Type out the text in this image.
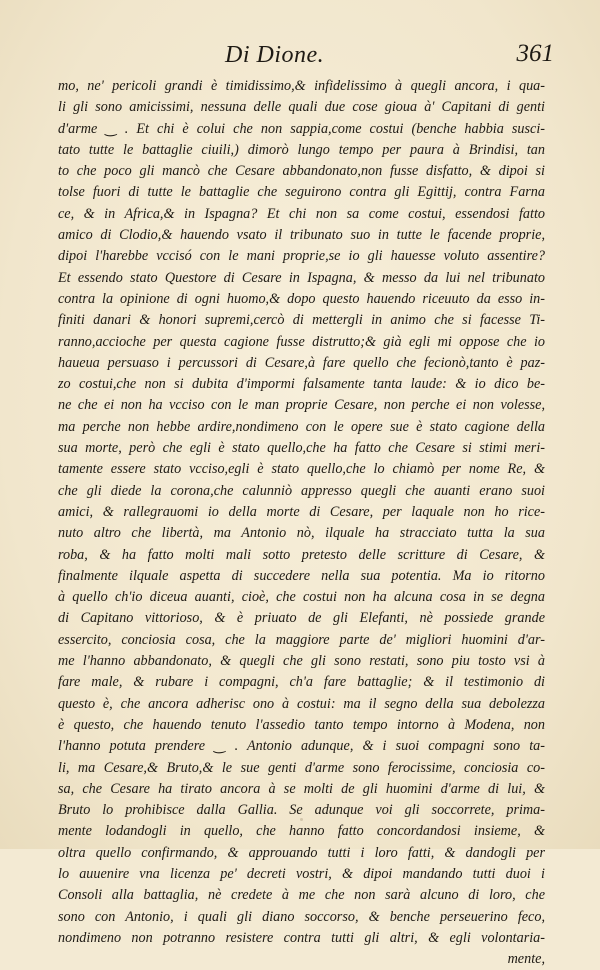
Di Dione.	361
mo, ne' pericoli grandi è timidissimo,& infidelissimo à quegli ancora, i qua-
li gli sono amicissimi, nessuna delle quali due cose gioua à' Capitani di genti
d'arme ‿ . Et chi è colui che non sappia,come costui (benche habbia susci-
tato tutte le battaglie ciuili,) dimorò lungo tempo per paura à Brindisi, tan
to che poco gli mancò che Cesare abbandonato,non fusse disfatto, & dipoi si
tolse fuori di tutte le battaglie che seguirono contra gli Egittij, contra Farna
ce, & in Africa,& in Ispagna? Et chi non sa come costui, essendosi fatto
amico di Clodio,& hauendo vsato il tribunato suo in tutte le facende proprie,
dipoi l'harebbe vccisó con le mani proprie,se io gli hauesse voluto assentire?
Et essendo stato Questore di Cesare in Ispagna, & messo da lui nel tribunato
contra la opinione di ogni huomo,& dopo questo hauendo riceuuto da esso in-
finiti danari & honori supremi,cercò di mettergli in animo che si facesse Ti-
ranno,accioche per questa cagione fusse distrutto;& già egli mi oppose che io
haueua persuaso i percussori di Cesare,à fare quello che fecionò,tanto è paz-
zo costui,che non si dubita d'impormi falsamente tanta laude: & io dico be-
ne che ei non ha vcciso con le man proprie Cesare, non perche ei non volesse,
ma perche non hebbe ardire,nondimeno con le opere sue è stato cagione della
sua morte, però che egli è stato quello,che ha fatto che Cesare si stimi meri-
tamente essere stato vcciso,egli è stato quello,che lo chiamò per nome Re, &
che gli diede la corona,che calunniò appresso quegli che auanti erano suoi
amici, & rallegrauomi io della morte di Cesare, per laquale non ho rice-
nuto altro che libertà, ma Antonio nò, ilquale ha stracciato tutta la sua
roba, & ha fatto molti mali sotto pretesto delle scritture di Cesare, &
finalmente ilquale aspetta di succedere nella sua potentia. Ma io ritorno
à quello ch'io diceua auanti, cioè, che costui non ha alcuna cosa in se degna
di Capitano vittorioso, & è priuato de gli Elefanti, nè possiede grande
essercito, conciosia cosa, che la maggiore parte de' migliori huomini d'ar-
me l'hanno abbandonato, & quegli che gli sono restati, sono piu tosto vsi à
fare male, & rubare i compagni, ch'a fare battaglie; & il testimonio di
questo è, che ancora adherisc ono à costui: ma il segno della sua debolezza
è questo, che hauendo tenuto l'assedio tanto tempo intorno à Modena, non
l'hanno potuta prendere ‿ . Antonio adunque, & i suoi compagni sono ta-
li, ma Cesare,& Bruto,& le sue genti d'arme sono ferocissime, conciosia co-
sa, che Cesare ha tirato ancora à se molti de gli huomini d'arme di lui, &
Bruto lo prohibisce dalla Gallia. Se adunque voi gli soccorrete, prima-
mente lodandogli in quello, che hanno fatto concordandosi insieme, &
oltra quello confirmando, & approuando tutti i loro fatti, & dandogli per
lo auuenire vna licenza pe' decreti vostri, & dipoi mandando tutti duoi i
Consoli alla battaglia, nè credete à me che non sarà alcuno di loro, che
sono con Antonio, i quali gli diano soccorso, & benche perseuerino feco,
nondimeno non potranno resistere contra tutti gli altri, & egli volontaria-
mente,
